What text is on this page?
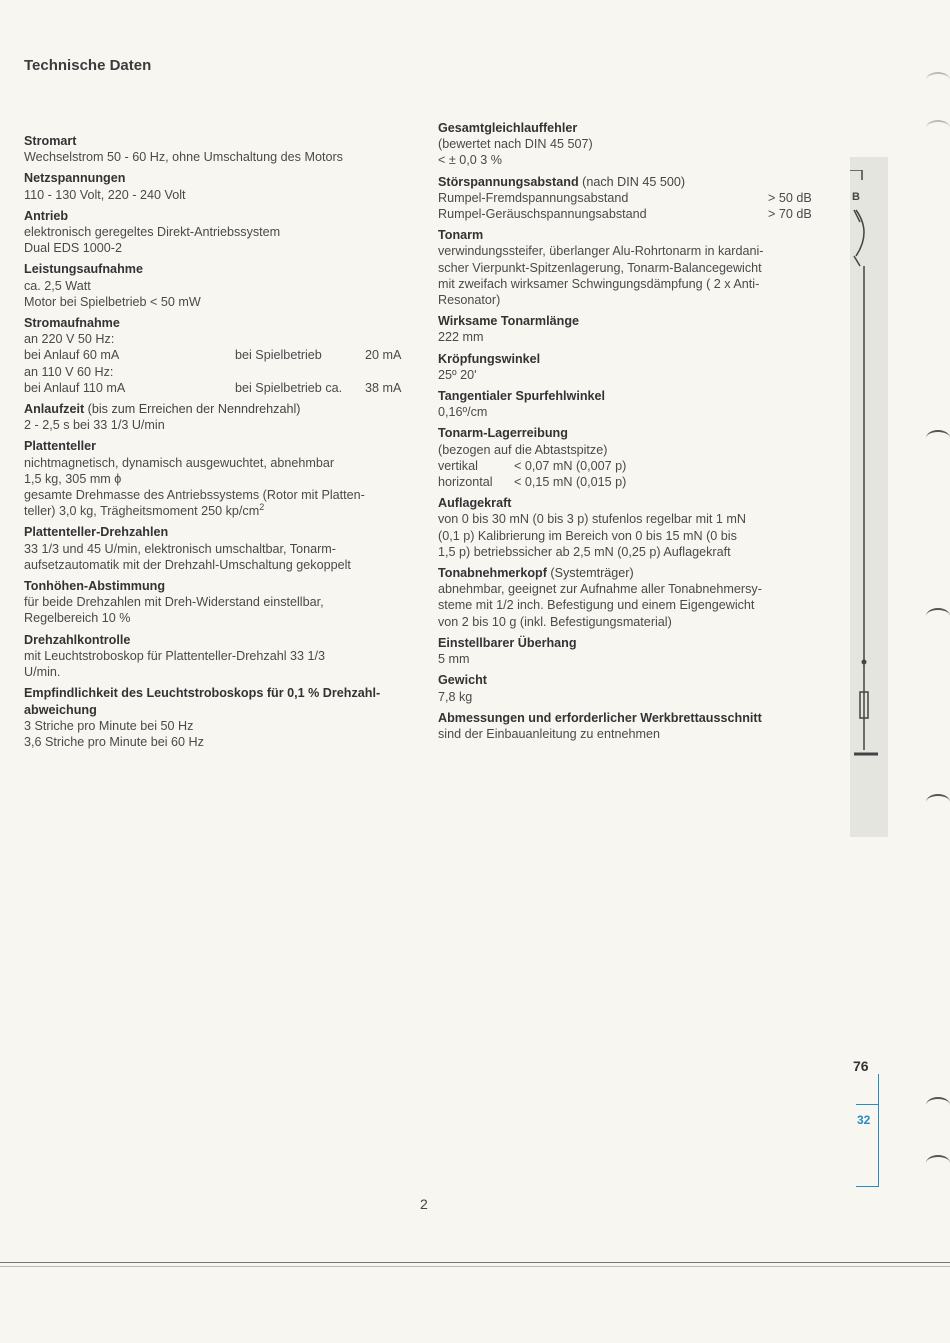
Technische Daten
Stromart
Wechselstrom 50 - 60 Hz, ohne Umschaltung des Motors
Netzspannungen
110 - 130 Volt, 220 - 240 Volt
Antrieb
elektronisch geregeltes Direkt-Antriebssystem
Dual EDS 1000-2
Leistungsaufnahme
ca. 2,5 Watt
Motor bei Spielbetrieb < 50 mW
Stromaufnahme
an 220 V 50 Hz:
bei Anlauf 60 mA	bei Spielbetrieb	20 mA
an 110 V 60 Hz:
bei Anlauf 110 mA	bei Spielbetrieb ca.	38 mA
Anlaufzeit (bis zum Erreichen der Nenndrehzahl)
2 - 2,5 s bei 33 1/3 U/min
Plattenteller
nichtmagnetisch, dynamisch ausgewuchtet, abnehmbar
1,5 kg, 305 mm ϕ
gesamte Drehmasse des Antriebssystems (Rotor mit Platten-
teller) 3,0 kg, Trägheitsmoment 250 $kp/cm^2$
Plattenteller-Drehzahlen
33 1/3 und 45 U/min, elektronisch umschaltbar, Tonarm-
aufsetzautomatik mit der Drehzahl-Umschaltung gekoppelt
Tonhöhen-Abstimmung
für beide Drehzahlen mit Dreh-Widerstand einstellbar,
Regelbereich 10 %
Drehzahlkontrolle
mit Leuchtstroboskop für Plattenteller-Drehzahl 33 1/3
U/min.
Empfindlichkeit des Leuchtstroboskops für 0,1 % Drehzahl-
abweichung
3 Striche pro Minute bei 50 Hz
3,6 Striche pro Minute bei 60 Hz
Gesamtgleichlauffehler
(bewertet nach DIN 45 507)
< ± 0,0 3 %
Störspannungsabstand (nach DIN 45 500)
Rumpel-Fremdspannungsabstand	> 50 dB
Rumpel-Geräuschspannungsabstand	> 70 dB
Tonarm
verwindungssteifer, überlanger Alu-Rohrtonarm in kardani-
scher Vierpunkt-Spitzenlagerung, Tonarm-Balancegewicht
mit zweifach wirksamer Schwingungsdämpfung ( 2 x Anti-
Resonator)
Wirksame Tonarmlänge
222 mm
Kröpfungswinkel
25º 20'
Tangentialer Spurfehlwinkel
0,16º/cm
Tonarm-Lagerreibung
(bezogen auf die Abtastspitze)
vertikal	< 0,07 mN (0,007 p)
horizontal	< 0,15 mN (0,015 p)
Auflagekraft
von 0 bis 30 mN (0 bis 3 p) stufenlos regelbar mit 1 mN
(0,1 p) Kalibrierung im Bereich von 0 bis 15 mN (0 bis
1,5 p) betriebssicher ab 2,5 mN (0,25 p) Auflagekraft
Tonabnehmerkopf (Systemträger)
abnehmbar, geeignet zur Aufnahme aller Tonabnehmersy-
steme mit 1/2 inch. Befestigung und einem Eigengewicht
von 2 bis 10 g (inkl. Befestigungsmaterial)
Einstellbarer Überhang
5 mm
Gewicht
7,8 kg
Abmessungen und erforderlicher Werkbrettausschnitt
sind der Einbauanleitung zu entnehmen
B
76
32
2
